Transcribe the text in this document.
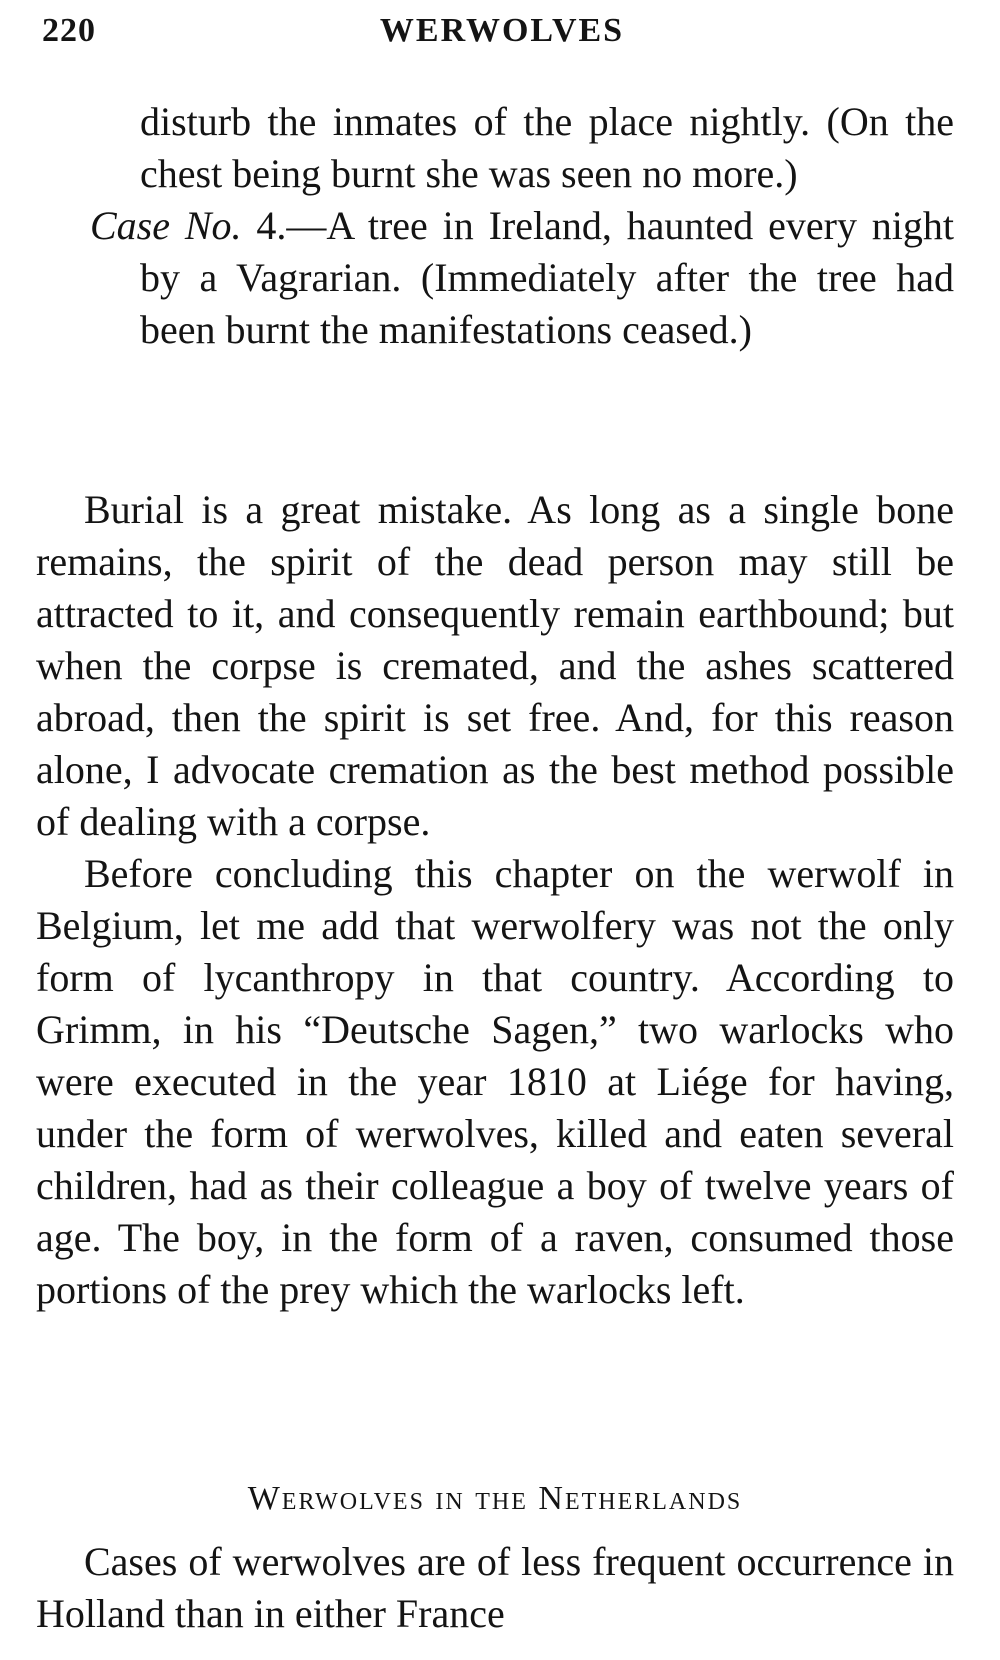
220	WERWOLVES

disturb the inmates of the place nightly. (On the chest being burnt she was seen no more.)

Case No. 4.—A tree in Ireland, haunted every night by a Vagrarian. (Immediately after the tree had been burnt the manifestations ceased.)

Burial is a great mistake. As long as a single bone remains, the spirit of the dead person may still be attracted to it, and consequently remain earthbound; but when the corpse is cremated, and the ashes scattered abroad, then the spirit is set free. And, for this reason alone, I advocate cremation as the best method possible of dealing with a corpse.

Before concluding this chapter on the werwolf in Belgium, let me add that werwolfery was not the only form of lycanthropy in that country. According to Grimm, in his “Deutsche Sagen,” two warlocks who were executed in the year 1810 at Liége for having, under the form of werwolves, killed and eaten several children, had as their colleague a boy of twelve years of age. The boy, in the form of a raven, consumed those portions of the prey which the warlocks left.

Werwolves in the Netherlands

Cases of werwolves are of less frequent occurrence in Holland than in either France
